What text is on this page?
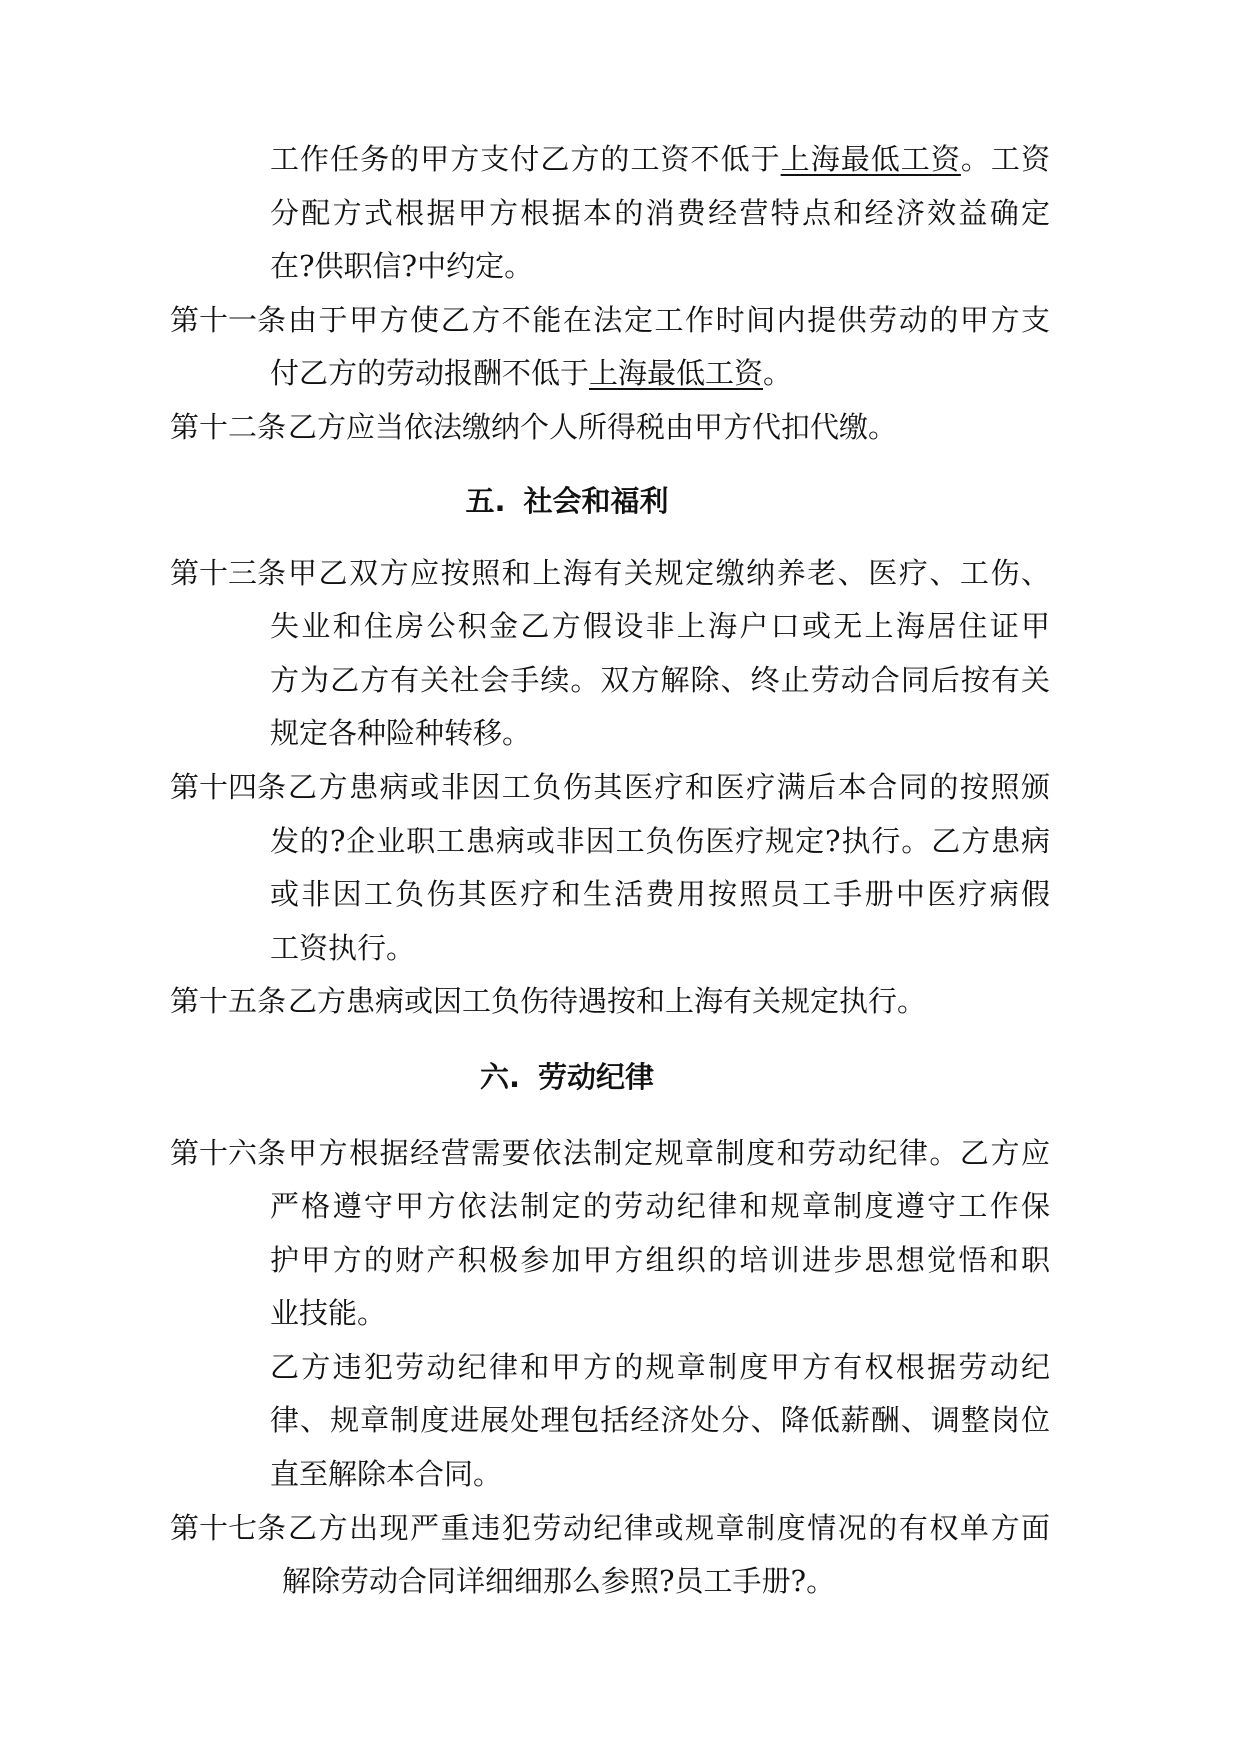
工作任务的甲方支付乙方的工资不低于上海最低工资。工资
分配方式根据甲方根据本的消费经营特点和经济效益确定
在?供职信?中约定。
第十一条 由于甲方使乙方不能在法定工作时间内提供劳动的甲方支
付乙方的劳动报酬不低于上海最低工资。
第十二条 乙方应当依法缴纳个人所得税由甲方代扣代缴。
五. 社会和福利
第十三条 甲乙双方应按照和上海有关规定缴纳养老、医疗、工伤、
失业和住房公积金乙方假设非上海户口或无上海居住证甲
方为乙方有关社会手续。双方解除、终止劳动合同后按有关
规定各种险种转移。
第十四条 乙方患病或非因工负伤其医疗和医疗满后本合同的按照颁
发的?企业职工患病或非因工负伤医疗规定?执行。乙方患病
或非因工负伤其医疗和生活费用按照员工手册中医疗病假
工资执行。
第十五条 乙方患病或因工负伤待遇按和上海有关规定执行。
六. 劳动纪律
第十六条 甲方根据经营需要依法制定规章制度和劳动纪律。乙方应
严格遵守甲方依法制定的劳动纪律和规章制度遵守工作保
护甲方的财产积极参加甲方组织的培训进步思想觉悟和职
业技能。
乙方违犯劳动纪律和甲方的规章制度甲方有权根据劳动纪
律、规章制度进展处理包括经济处分、降低薪酬、调整岗位
直至解除本合同。
第十七条 乙方出现严重违犯劳动纪律或规章制度情况的有权单方面
解除劳动合同详细细那么参照?员工手册?。
